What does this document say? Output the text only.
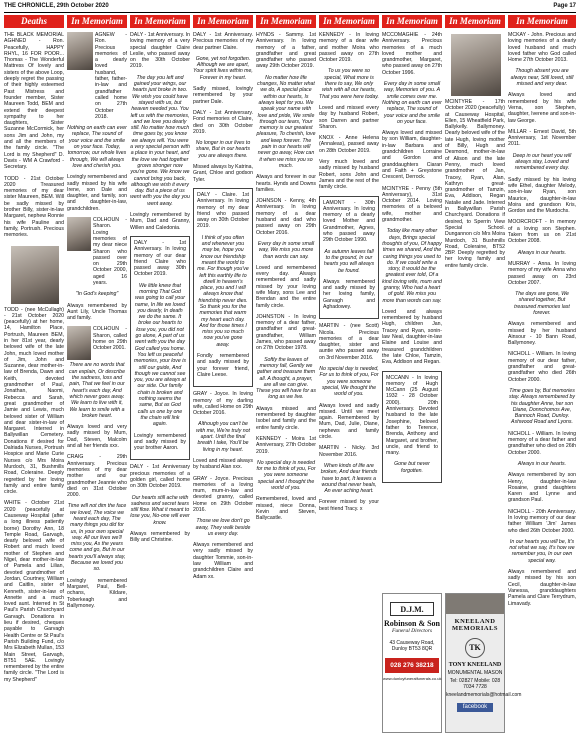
THE CHRONICLE, 29th October 2020	Page 17
Deaths
THE BLACK MEMORIAL AGHNED - Ron. Peacefully, HAPPY RHYL, 16 FOR POOR... Thomas - The Wonderful Mattress Of lovely and sisters of the above Loop, deeply regret the passing of their highly esteemed Past Mistress and founder member, Sister Maureen Todd, BEM and extend their deepest sympathy to her daughters, Sister Suzanne McCormick, her sons Jim and John, my and all the members of the family circle. "The Lord is my Shepherd" D. Davis - WM A Crawford - Secretary.
TODD - 21st October 2020 Treasured memories of my dear sister Maureen, BEM. Will be sadly missed by brother Billy, sister-in-law Margaret, nephew Ronnie his wife Pauline and family, Portrush. Precious memories.
TODD - (nee McCullagh) - 21st October 2020 (peacefully) at her home, 14, Hamilton Place, Portrush, Maureen BEM, in her 81st year, dearly beloved wife of the late John, much loved mother of Jim, John and Suzanne, dear mother-in-law of Brenda, Dawn and Keith, devoted grandmother of Paul, Jonathan, Naomi, Rebecca and Sarah, great grandmother of Jamie and Lewis, much beloved sister of William and dear sister-in-law of Margaret. Interred in Ballywillan Cemetery. Donations if desired for Dalriada Nurses, Portrush Hospice and Marie Curie Nurses c/o Mrs Moira Murdoch, 31, Bushmills Road, Coleraine. Deeply regretted by her loving family and entire family circle.
WHITE - October 21st 2020 (peacefully at Causeway Hospital (after a long illness patiently borne) Dorothy Ann, 18 Temple Road, Garvagh, dearly beloved wife of Robert and much loved mother of Stephen and Nigel, dear mother-in-law of Pamela and Lilian, devoted grandmother of Jordan, Courtney, William and Caitlin, sister of Kenneth, sister-in-law of Annette and a much loved aunt. Interred in St Paul's Parish Churchyard Garvagh. Donations in lieu if desired, cheques payable to Garvagh Health Centre or St Paul's Parish Building Fund, c/o Mrs Elizabeth Mullan, 153 Main Street, Garvagh, BT51 5AE. Lovingly remembered by the entire family circle. "The Lord is my Shepherd"
In Memoriam
AGNEW - Ron. Precious memories of a dearly loved husband, father, father-in-law and grandfather called home on 27th October 2018.
Nothing on earth can ever replace, The sound of your voice and the smile on your face. Today, tomorrow, our whole lives through, We will always love and cherish you.
Lovingly remembered and sadly missed by his wife Irene, son Dale and daughter, and family, son and daughter-in-law, grandchildren.
COLHOUN - Sharon. Loving memories of my dear niece Sharon who passed over on 29th October 2000, aged 16 years.
"In God's keeping"
Always remembered by Aunt Lily, Uncle Thomas and family.
COLHOUN - Sharon, called home on 29th October 2001.
There are no words that can explain, Or describe the sadness, loss and pain, That we feel in our heart's each day, And which never goes away. We learn to live with it, We learn to smile with a broken heart.
Always loved and very sadly missed by Mum, Dad, Steven, Malcolm and all her friends xxx.
CRAIG - 29th Anniversary. Precious memories of my dear mother and our grandmother Jeannie who died on 31st October 2000.
Time will not dim the face we loved, The voice we heard each day, The many things you did for us, In your own special way. All our lives we'll miss you, As the years come and go, But in our hearts you'll always stay, Because we loved you so.
Lovingly remembered Margaret, Paul, Bell-ochans, Kildare, Toberkeagh and Ballymoney.
In Memoriam
DALY - 1st Anniversary. In loving memory of a very special daughter Claire Leslie, who passed away on the 30th October 2019.
The day you left and gained your wings, our hearts just broke in two. We wish you could have stayed with us, but heaven needed you. You left us with the memories, and we love you dearly still. No matter how much time goes by, you know we always will. You were a very special person with a place in your heart, and the love we had together grows stronger now you're gone. We know we cannot bring you back, although we wish it every day. But a piece of us went with you the day you went away.
Lovingly remembered by Mum, Dad and Granny, Willen and Caledonia.
DALY - 1st Anniversary. In loving memory of our dear friend Claire who passed away 30th October 2019.
We little knew that morning That God was going to call your name, In life we loved you dearly, In death we do the same. It broke our hearts to lose you, you did not go alone, A part of us went with you the day God called you home. You left us peaceful memories, your love is still our guide, And though we cannot see you, you are always at our side. Our family chain is broken and nothing seems the same, But as God calls us one by one the chain will link again.
Lovingly remembered and sadly missed by your brother Aaron.
DALY - 1st Anniversary precious memories of a golden girl, called home on 30th October 2019.
Our hearts still ache with sadness and secret tears still flow. What it meant to lose you, No-one will ever know.
Always remembered by Billy and Christine.
In Memoriam
DALY - 1st Anniversary. Precious memories of my dear partner Claire.
Gone, yet not forgotten. Although we are apart, Your spirit lives within me, Forever in my heart.
Sadly missed, lovingly remembered by your partner Dale.
DALY - 1st Anniversary. Fond memories of Claire, died on 30th October 2019.
No longer in our lives to share, But in our hearts you are always there.
Missed always by Katrina, Grant, Chloe and godson Tyler.
DALY - Claire. 1st Anniversary. In loving memory of my dear friend who passed away on 30th October 2019.
I think of you often and whenever you may be, hope you know our friendship meant the world to me. For though you've left this earthly life to dwell in heaven's place, you and I will always know that friendship never dies. So thank you for the memories that warm my heart each day. And for those times I miss you so much now you've gone away.
Fondly remembered and sadly missed by your forever friend, Claire Leese.
GRAY - Joyce. In loving memory of my darling wife, called Home on 29th October 2016.
Although you can't be with me, We're truly not apart. Until the final breath I take, You'll be living in my heart.
Loved and missed always by husband Alan xxx.
GRAY - Joyce. Precious memories of a loving mum, mum-in-law and devoted granny, called Home on 29th October 2016.
Those we love don't go away, They walk beside us every day.
Always remembered and very sadly missed by daughter Tommie, son-in-law William and grandchildren Claire and Adam xx.
In Memoriam
HYNDS - Sammy. 1st Anniversary. In loving memory of a father, grandfather and great grandfather who passed away 29th October 2019.
No matter how life changes, No matter what we do, A special place within our hearts, Is always kept for you. We speak your name with love and pride, We smile through our tears, Your memory is our greatest pleasure, To cherish, love and keep forever. The pain in our hearts will never go away, How can it when we miss you so much.
Always and forever in our hearts. Hynds and Downs families.
JOHNSON - Kenny, 4th Anniversary. In loving memory of a dear husband and dad who passed away on 29th October 2016.
Every day in some small way, We miss you more than words can say.
Loved and remembered every day. Always remembered and sadly missed by your loving wife Mary, sons Lee and Brendan and the entire family circle.
JOHNSTON - In loving memory of a dear father, grandfather and great-grandfather, William James, who passed away on 27th October 1978.
Softly the leaves of memory fall, Gently we gather and treasure them all. A thought, a prayer, are all we can give. These you will have for as long as we live.
Always missed and remembered by daughter Isobel and family and the entire family circle.
KENNEDY - Moira 1st Anniversary, 27th October 2019.
No special day is needed for me to think of you, For you were someone special and I thought the world of you.
Remembered, loved and missed, niece Donna, Kevin and Steven, Ballycastle.
In Memoriam
KENNEDY - In loving memory of a dear wife and mother Moira who passed away on 27th October 2019.
To us you were so special, What more is there to say, We only wish with all our hearts, That you were here today.
Loved and missed every day by husband Robert, son Darren and partner Sharon.
KNOX - Anne Helena (Annaleas), passed away on 28th October 2019.
Very much loved and sadly missed by husband Robert, sons John and James and the rest of the family circle.
LAMONT - 30th Anniversary. In loving memory of a dearly loved Mother and Grandmother, Agnes, who passed away 29th October 1990.
As autumn leaves fall to the ground, In our hearts you will always be found.
Always remembered and sadly missed by her loving family, Garvagh and Aghadowey.
MARTIN - (nee Scott) Nicola. Precious memories of a dear daughter, sister and auntie who passed away on 3rd November 2016.
No special day is needed, For us to think of you, For you were someone special, We thought the world of you.
Always loved and sadly missed. Until we meet again. Remembered by Mum, Dad, Julie, Diane, nephews and family circle.
MARTIN - Nicky. 3rd November 2016.
When kinds of life are broken, And dear friends have to part, It leaves a wound that never heals, An ever aching heart.
Forever missed by your best friend Tracy. x
In Memoriam
MCCOMAGHIE - 24th Anniversary. Precious memories of a much loved mother and grandmother, Margaret, who passed away on 27th October 1996.
Every day in some small way, Memories of you. A smile comes over me. Nothing on earth can ever replace, The sound of your voice and the smile on your face.
Always loved and missed by son William, daughter-in-law Barbara and grandchildren Lorraine and Gordon and granddaughters Ciaran and Faith + Greystone Crescent, Derrock.
MCINTYRE - Penny (5th Anniversary), 31st October 2014. Loving memories of a beloved wife, mother and grandmother.
Today like many other days, Brings special thoughts of you, Of happy times we shared, And the caring things you used to do. If we could write a story, It would be the greatest ever told, Of a kind loving wife, mum and granny, Who had a heart of gold. We miss you more than words can say.
Loved and always remembered by husband Hugh, children Jan, Tracey and Ryan, sonin-law Neal, daughter-in-law Elaine and Louise and treasured grandchildren the late Chloe, Tamzin, Eva, Addison and Regan.
MCCANN - In loving memory of Hugh McCann (25 August 1932 - 28 October 2000). 20th Anniversary. Devoted husband to the late Josephine, beloved father to Terence, Brenda, Anthony and Margaret, and brother, uncle, and friend to many.
Gone but never forgotten.
In Memoriam
MCINTYRE - 17th October 2020 (peacefully) at Causeway Hospital, Ellen, 15 Wheatfield Park, Ballykelly. Ballymoney. Dearly beloved wife of the late Hugh, loving mother of Billy, Hugh and Desmond, mother-in-law of Alison and the late Penny, much loved grandmother of Jan, Tracey, Ryan, Alan, Kathryn great-grandmother of Tamzin, Eva, Addison, Regan Natalie and Jade. Interred in Ballywillan Parish Churchyard. Donations if desired, to Sperrin View Special School. Dungannon c/o Mrs Moira Murdoch, 31 Bushmills Road, Coleraine, BT52 2BP. Deeply regretted by her loving family and entire family circle.
In Memoriam
MCKAY - John. Precious and loving memories of a dearly loved husband and much loved father who God called Home 27th October 2013.
Though absent you are always near, Still loved, still missed and very dear.
Always loved and remembered by his wife Verna, son Stephen, daughter, Iverene and son-in-law George.
MILLAR - Ernest David, 5th Anniversary, 1st November 2011.
Deep in our heart you will always stay, Loved and remembered every day.
Sadly missed by his loving wife Ethel, daughter Melody, son-in-law Ryan, son Maurice, daughter-in-law Moira and grandson Kris, Gordon and the Murdochs.
MOORCROFT - In memory of a loving son Stephen. Taken from us on 21st October 2008.
Always in our hearts.
MURRAY - Anna. In loving memory of my wife Anna who passed away on 23rd October 2007.
The days are gone, We shared together, But treasured memories last forever.
Always remembered and missed by her husband Ainsour - 10 Bann Road, Ballymoney.
NICHOLL - William. In loving memory of our dear father, grandfather and great-grandfather who died 26th October 2000.
Time goes by, But memories stay. Always remembered by his daughter Anne, her son Diane, Donnchomos Ave, Bannoch Road, Dunloy. Ashwood Road and Lyons.
NICHOLL - William. In loving memory of a dear father and grandfather who died on 26th October 2000.
Always in our hearts.
Always remembered by son Henry, daughter-in-law Rosaine, grand daughters Karen and Lynne and grandson Paul.
NICHOLL - 20th Anniversary. In loving memory of our dear father William 'Jim' James who died 26th October 2000.
In our hearts you will be, It's not what we say, It's how we remember you, In our own special way.
Always remembered and sadly missed by his son Cecil, daughter-in-law Vanessa, granddaughters Pamela and Clare Terrydrum, Limavady.
D.J.M.
Robinson & Son
Funeral Directors
43 Causeway Road, Dunloy BT53 8QR
028 276 38218
www.dunloyfuneralfunerals.co.uk
KNEELAND MEMORIALS
TK
TONY KNEELAND
MONUMENTAL MASON
Tel: 02827 Mobile: 028 7034 7728
kneelandmemorials@hotmail.com
facebook
